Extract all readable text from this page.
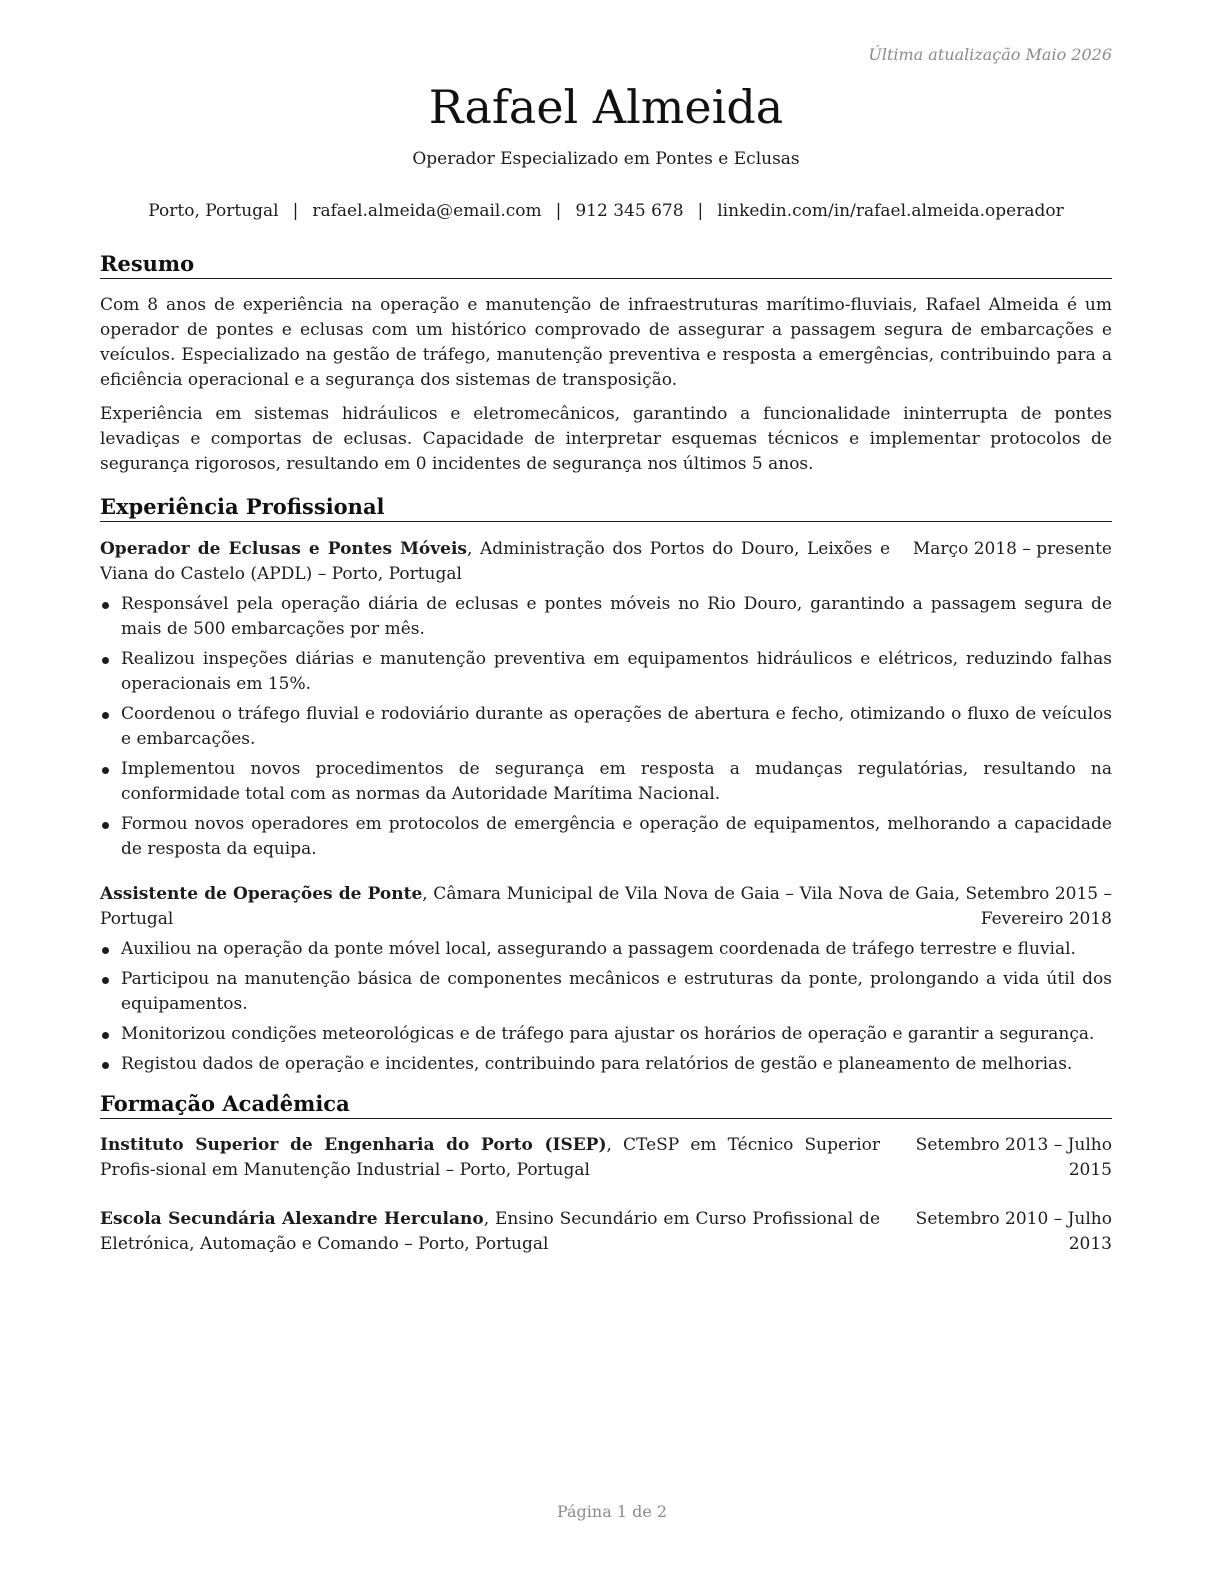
Última atualização Maio 2026
Rafael Almeida
Operador Especializado em Pontes e Eclusas
Porto, Portugal | rafael.almeida@email.com | 912 345 678 | linkedin.com/in/rafael.almeida.operador
Resumo

Com 8 anos de experiência na operação e manutenção de infraestruturas marítimo-fluviais, Rafael Almeida é um operador de pontes e eclusas com um histórico comprovado de assegurar a passagem segura de embarcações e veículos. Especializado na gestão de tráfego, manutenção preventiva e resposta a emergências, contribuindo para a eficiência operacional e a segurança dos sistemas de transposição.

Experiência em sistemas hidráulicos e eletromecânicos, garantindo a funcionalidade ininterrupta de pontes levadiças e comportas de eclusas. Capacidade de interpretar esquemas técnicos e implementar protocolos de segurança rigorosos, resultando em 0 incidentes de segurança nos últimos 5 anos.

Experiência Profissional
Operador de Eclusas e Pontes Móveis, Administração dos Portos do Douro, Leixões e Viana do Castelo (APDL) – Porto, Portugal
Março 2018 – presente
Responsável pela operação diária de eclusas e pontes móveis no Rio Douro, garantindo a passagem segura de mais de 500 embarcações por mês.
Realizou inspeções diárias e manutenção preventiva em equipamentos hidráulicos e elétricos, reduzindo falhas operacionais em 15%.
Coordenou o tráfego fluvial e rodoviário durante as operações de abertura e fecho, otimizando o fluxo de veículos e embarcações.
Implementou novos procedimentos de segurança em resposta a mudanças regulatórias, resultando na conformidade total com as normas da Autoridade Marítima Nacional.
Formou novos operadores em protocolos de emergência e operação de equipamentos, melhorando a capacidade de resposta da equipa.
Assistente de Operações de Ponte, Câmara Municipal de Vila Nova de Gaia – Vila Nova de Gaia, Portugal
Setembro 2015 – Fevereiro 2018
Auxiliou na operação da ponte móvel local, assegurando a passagem coordenada de tráfego terrestre e fluvial.
Participou na manutenção básica de componentes mecânicos e estruturas da ponte, prolongando a vida útil dos equipamentos.
Monitorizou condições meteorológicas e de tráfego para ajustar os horários de operação e garantir a segurança.
Registou dados de operação e incidentes, contribuindo para relatórios de gestão e planeamento de melhorias.
Formação Acadêmica
Instituto Superior de Engenharia do Porto (ISEP), CTeSP em Técnico Superior Profis-sional em Manutenção Industrial – Porto, Portugal
Setembro 2013 – Julho 2015
Escola Secundária Alexandre Herculano, Ensino Secundário em Curso Profissional de Eletrónica, Automação e Comando – Porto, Portugal
Setembro 2010 – Julho 2013
Página 1 de 2
